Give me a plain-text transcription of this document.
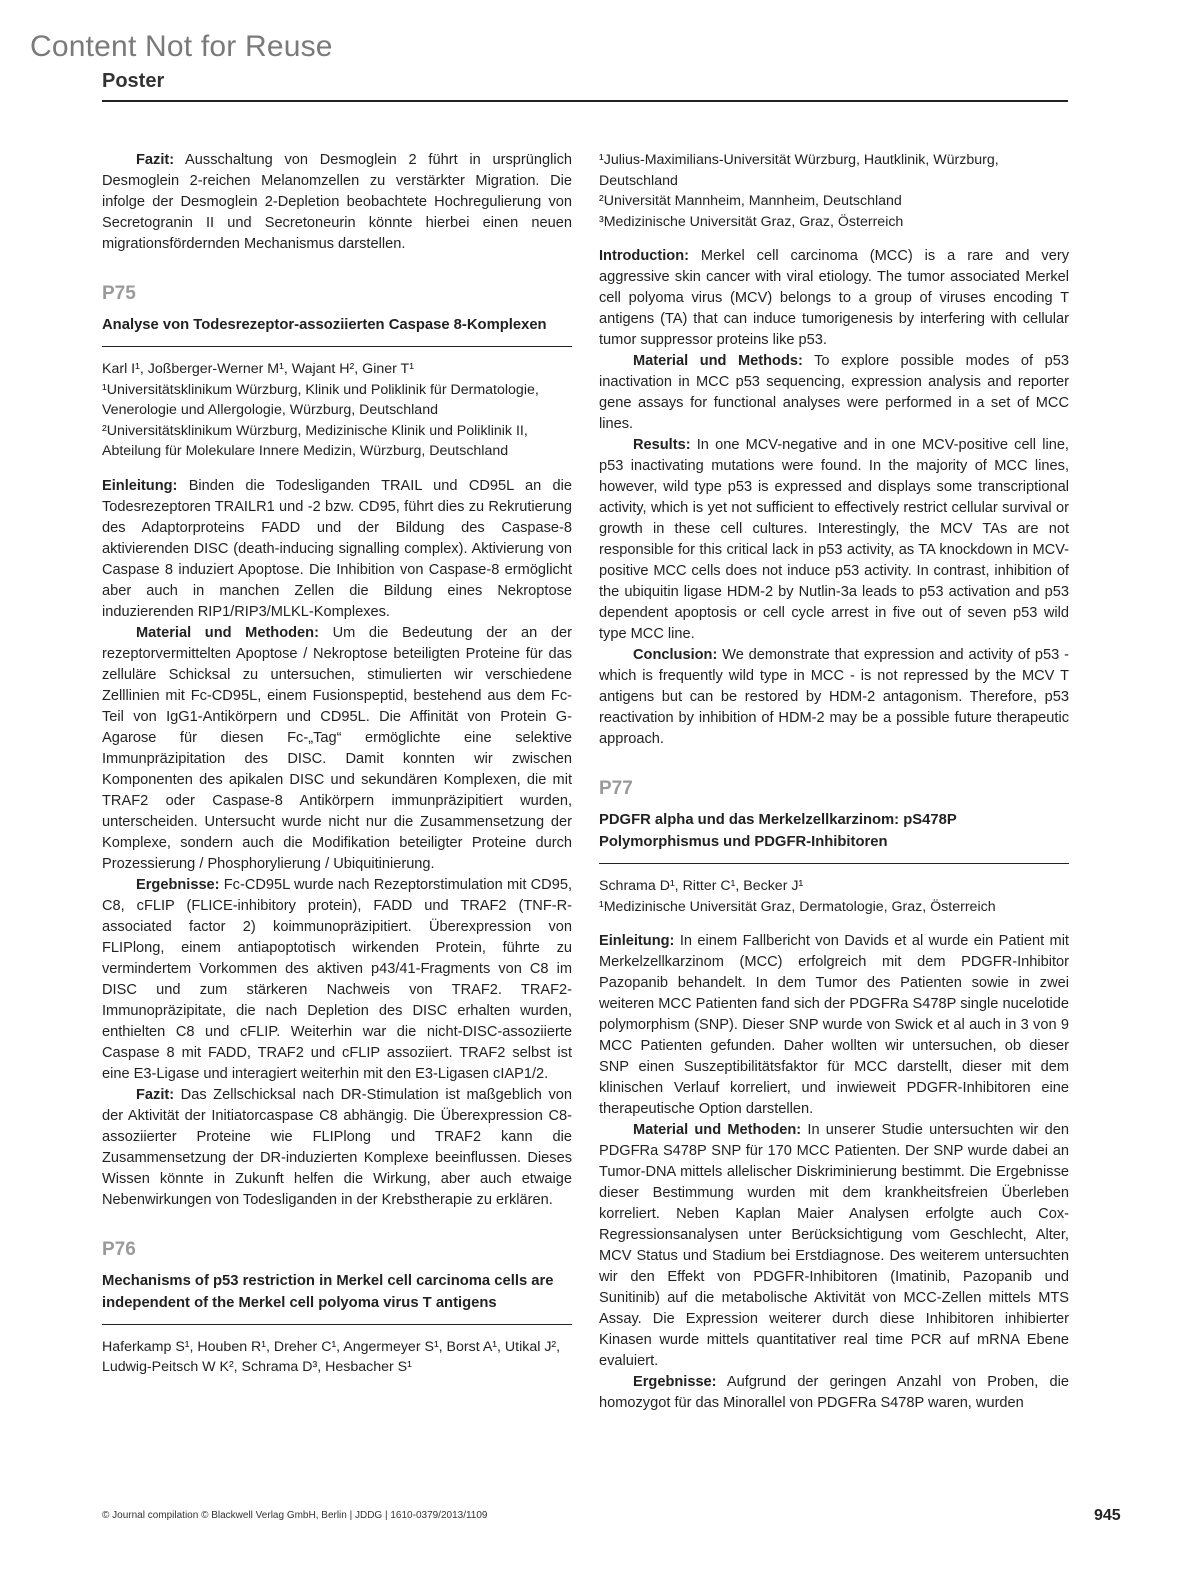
Content Not for Reuse
Poster

Fazit: Ausschaltung von Desmoglein 2 führt in ursprünglich Desmoglein 2-reichen Melanomzellen zu verstärkter Migration. Die infolge der Desmoglein 2-Depletion beobachtete Hochregulierung von Secretogranin II und Secretoneurin könnte hierbei einen neuen migrationsfördernden Mechanismus darstellen.

P75

Analyse von Todesrezeptor-assoziierten Caspase 8-Komplexen

Karl I¹, Joßberger-Werner M¹, Wajant H², Giner T¹

¹Universitätsklinikum Würzburg, Klinik und Poliklinik für Dermatologie, Venerologie und Allergologie, Würzburg, Deutschland

²Universitätsklinikum Würzburg, Medizinische Klinik und Poliklinik II, Abteilung für Molekulare Innere Medizin, Würzburg, Deutschland

Einleitung: Binden die Todesliganden TRAIL und CD95L an die Todesrezeptoren TRAILR1 und -2 bzw. CD95, führt dies zu Rekrutierung des Adaptorproteins FADD und der Bildung des Caspase-8 aktivierenden DISC (death-inducing signalling complex). Aktivierung von Caspase 8 induziert Apoptose. Die Inhibition von Caspase-8 ermöglicht aber auch in manchen Zellen die Bildung eines Nekroptose induzierenden RIP1/RIP3/MLKL-Komplexes.

Material und Methoden: Um die Bedeutung der an der rezeptorvermittelten Apoptose / Nekroptose beteiligten Proteine für das zelluläre Schicksal zu untersuchen, stimulierten wir verschiedene Zelllinien mit Fc-CD95L, einem Fusionspeptid, bestehend aus dem Fc-Teil von IgG1-Antikörpern und CD95L. Die Affinität von Protein G-Agarose für diesen Fc-„Tag“ ermöglichte eine selektive Immunpräzipitation des DISC. Damit konnten wir zwischen Komponenten des apikalen DISC und sekundären Komplexen, die mit TRAF2 oder Caspase-8 Antikörpern immunpräzipitiert wurden, unterscheiden. Untersucht wurde nicht nur die Zusammensetzung der Komplexe, sondern auch die Modifikation beteiligter Proteine durch Prozessierung / Phosphorylierung / Ubiquitinierung.

Ergebnisse: Fc-CD95L wurde nach Rezeptorstimulation mit CD95, C8, cFLIP (FLICE-inhibitory protein), FADD und TRAF2 (TNF-R-associated factor 2) koimmunopräzipitiert. Überexpression von FLIPlong, einem antiapoptotisch wirkenden Protein, führte zu vermindertem Vorkommen des aktiven p43/41-Fragments von C8 im DISC und zum stärkeren Nachweis von TRAF2. TRAF2-Immunopräzipitate, die nach Depletion des DISC erhalten wurden, enthielten C8 und cFLIP. Weiterhin war die nicht-DISC-assoziierte Caspase 8 mit FADD, TRAF2 und cFLIP assoziiert. TRAF2 selbst ist eine E3-Ligase und interagiert weiterhin mit den E3-Ligasen cIAP1/2.

Fazit: Das Zellschicksal nach DR-Stimulation ist maßgeblich von der Aktivität der Initiatorcaspase C8 abhängig. Die Überexpression C8-assoziierter Proteine wie FLIPlong und TRAF2 kann die Zusammensetzung der DR-induzierten Komplexe beeinflussen. Dieses Wissen könnte in Zukunft helfen die Wirkung, aber auch etwaige Nebenwirkungen von Todesliganden in der Krebstherapie zu erklären.

P76

Mechanisms of p53 restriction in Merkel cell carcinoma cells are independent of the Merkel cell polyoma virus T antigens

Haferkamp S¹, Houben R¹, Dreher C¹, Angermeyer S¹, Borst A¹, Utikal J², Ludwig-Peitsch W K², Schrama D³, Hesbacher S¹

¹Julius-Maximilians-Universität Würzburg, Hautklinik, Würzburg, Deutschland

²Universität Mannheim, Mannheim, Deutschland

³Medizinische Universität Graz, Graz, Österreich

Introduction: Merkel cell carcinoma (MCC) is a rare and very aggressive skin cancer with viral etiology. The tumor associated Merkel cell polyoma virus (MCV) belongs to a group of viruses encoding T antigens (TA) that can induce tumorigenesis by interfering with cellular tumor suppressor proteins like p53.

Material und Methods: To explore possible modes of p53 inactivation in MCC p53 sequencing, expression analysis and reporter gene assays for functional analyses were performed in a set of MCC lines.

Results: In one MCV-negative and in one MCV-positive cell line, p53 inactivating mutations were found. In the majority of MCC lines, however, wild type p53 is expressed and displays some transcriptional activity, which is yet not sufficient to effectively restrict cellular survival or growth in these cell cultures. Interestingly, the MCV TAs are not responsible for this critical lack in p53 activity, as TA knockdown in MCV-positive MCC cells does not induce p53 activity. In contrast, inhibition of the ubiquitin ligase HDM-2 by Nutlin-3a leads to p53 activation and p53 dependent apoptosis or cell cycle arrest in five out of seven p53 wild type MCC line.

Conclusion: We demonstrate that expression and activity of p53 - which is frequently wild type in MCC - is not repressed by the MCV T antigens but can be restored by HDM-2 antagonism. Therefore, p53 reactivation by inhibition of HDM-2 may be a possible future therapeutic approach.

P77

PDGFR alpha und das Merkelzellkarzinom: pS478P Polymorphismus und PDGFR-Inhibitoren

Schrama D¹, Ritter C¹, Becker J¹

¹Medizinische Universität Graz, Dermatologie, Graz, Österreich

Einleitung: In einem Fallbericht von Davids et al wurde ein Patient mit Merkelzellkarzinom (MCC) erfolgreich mit dem PDGFR-Inhibitor Pazopanib behandelt. In dem Tumor des Patienten sowie in zwei weiteren MCC Patienten fand sich der PDGFRa S478P single nucelotide polymorphism (SNP). Dieser SNP wurde von Swick et al auch in 3 von 9 MCC Patienten gefunden. Daher wollten wir untersuchen, ob dieser SNP einen Suszeptibilitätsfaktor für MCC darstellt, dieser mit dem klinischen Verlauf korreliert, und inwieweit PDGFR-Inhibitoren eine therapeutische Option darstellen.

Material und Methoden: In unserer Studie untersuchten wir den PDGFRa S478P SNP für 170 MCC Patienten. Der SNP wurde dabei an Tumor-DNA mittels allelischer Diskriminierung bestimmt. Die Ergebnisse dieser Bestimmung wurden mit dem krankheitsfreien Überleben korreliert. Neben Kaplan Maier Analysen erfolgte auch Cox-Regressionsanalysen unter Berücksichtigung vom Geschlecht, Alter, MCV Status und Stadium bei Erstdiagnose. Des weiterem untersuchten wir den Effekt von PDGFR-Inhibitoren (Imatinib, Pazopanib und Sunitinib) auf die metabolische Aktivität von MCC-Zellen mittels MTS Assay. Die Expression weiterer durch diese Inhibitoren inhibierter Kinasen wurde mittels quantitativer real time PCR auf mRNA Ebene evaluiert.

Ergebnisse: Aufgrund der geringen Anzahl von Proben, die homozygot für das Minorallel von PDGFRa S478P waren, wurden

© Journal compilation © Blackwell Verlag GmbH, Berlin | JDDG | 1610-0379/2013/1109	945
